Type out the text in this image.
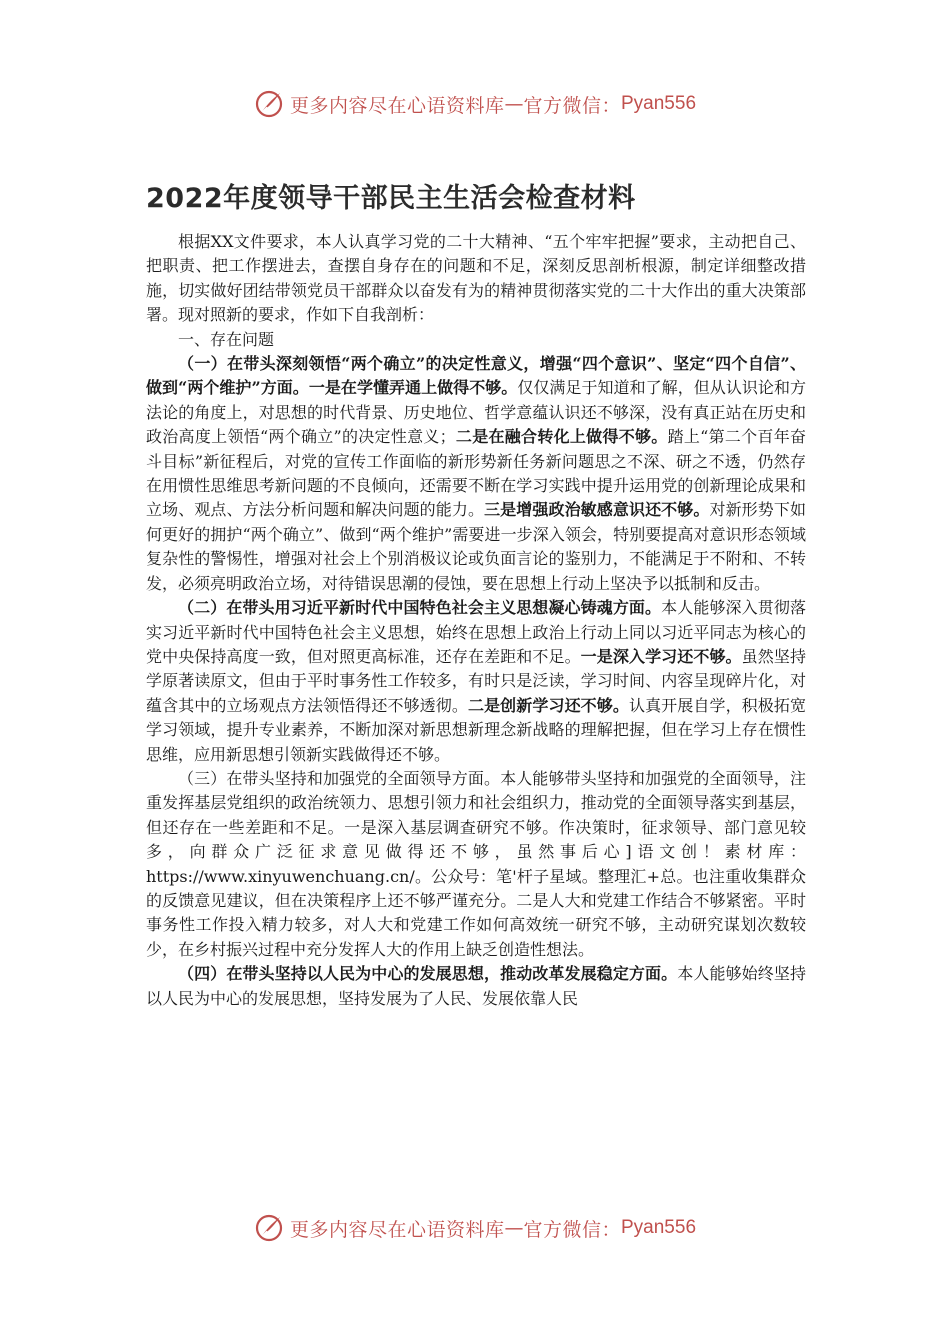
更多内容尽在心语资料库 — 官方微信： Pyan556
2022年度领导干部民主生活会检查材料

根据XX文件要求，本人认真学习党的二十大精神、“五个牢牢把握”要求，主动把自己、把职责、把工作摆进去，查摆自身存在的问题和不足，深刻反思剖析根源，制定详细整改措施，切实做好团结带领党员干部群众以奋发有为的精神贯彻落实党的二十大作出的重大决策部署。现对照新的要求，作如下自我剖析：

一、存在问题

（一）在带头深刻领悟“两个确立”的决定性意义，增强“四个意识”、坚定“四个自信”、做到“两个维护”方面。一是在学懂弄通上做得不够。仅仅满足于知道和了解，但从认识论和方法论的角度上，对思想的时代背景、历史地位、哲学意蕴认识还不够深，没有真正站在历史和政治高度上领悟“两个确立”的决定性意义；二是在融合转化上做得不够。踏上“第二个百年奋斗目标”新征程后，对党的宣传工作面临的新形势新任务新问题思之不深、研之不透，仍然存在用惯性思维思考新问题的不良倾向，还需要不断在学习实践中提升运用党的创新理论成果和立场、观点、方法分析问题和解决问题的能力。三是增强政治敏感意识还不够。对新形势下如何更好的拥护“两个确立”、做到“两个维护”需要进一步深入领会，特别要提高对意识形态领域复杂性的警惕性，增强对社会上个别消极议论或负面言论的鉴别力，不能满足于不附和、不转发，必须亮明政治立场，对待错误思潮的侵蚀，要在思想上行动上坚决予以抵制和反击。

（二）在带头用习近平新时代中国特色社会主义思想凝心铸魂方面。本人能够深入贯彻落实习近平新时代中国特色社会主义思想，始终在思想上政治上行动上同以习近平同志为核心的党中央保持高度一致，但对照更高标准，还存在差距和不足。一是深入学习还不够。虽然坚持学原著读原文，但由于平时事务性工作较多，有时只是泛读，学习时间、内容呈现碎片化，对蕴含其中的立场观点方法领悟得还不够透彻。二是创新学习还不够。认真开展自学，积极拓宽学习领域，提升专业素养，不断加深对新思想新理念新战略的理解把握，但在学习上存在惯性思维，应用新思想引领新实践做得还不够。

（三）在带头坚持和加强党的全面领导方面。本人能够带头坚持和加强党的全面领导，注重发挥基层党组织的政治统领力、思想引领力和社会组织力，推动党的全面领导落实到基层，但还存在一些差距和不足。一是深入基层调查研究不够。作决策时，征求领导、部门意见较多，向群众广泛征求意见做得还不够，虽然事后心]语文创！素材库：https://www.xinyuwenchuang.cn/。公众号：笔'杆子星域。整理汇+总。也注重收集群众的反馈意见建议，但在决策程序上还不够严谨充分。二是人大和党建工作结合不够紧密。平时事务性工作投入精力较多，对人大和党建工作如何高效统一研究不够，主动研究谋划次数较少，在乡村振兴过程中充分发挥人大的作用上缺乏创造性想法。

（四）在带头坚持以人民为中心的发展思想，推动改革发展稳定方面。本人能够始终坚持以人民为中心的发展思想，坚持发展为了人民、发展依靠人民

更多内容尽在心语资料库 — 官方微信： Pyan556
